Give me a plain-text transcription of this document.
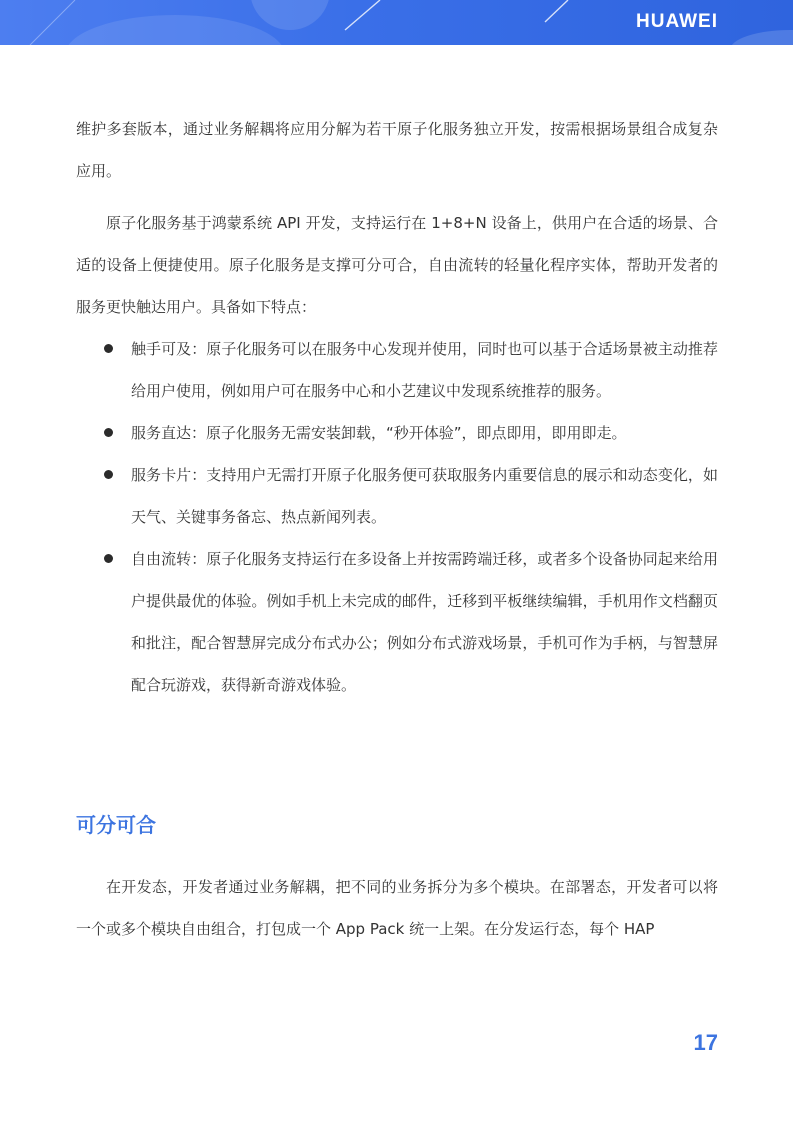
HUAWEI

维护多套版本，通过业务解耦将应用分解为若干原子化服务独立开发，按需根据场景组合成复杂应用。

原子化服务基于鸿蒙系统 API 开发，支持运行在 1+8+N 设备上，供用户在合适的场景、合适的设备上便捷使用。原子化服务是支撑可分可合，自由流转的轻量化程序实体，帮助开发者的服务更快触达用户。具备如下特点：

触手可及：原子化服务可以在服务中心发现并使用，同时也可以基于合适场景被主动推荐给用户使用，例如用户可在服务中心和小艺建议中发现系统推荐的服务。
服务直达：原子化服务无需安装卸载，“秒开体验”，即点即用，即用即走。
服务卡片：支持用户无需打开原子化服务便可获取服务内重要信息的展示和动态变化，如天气、关键事务备忘、热点新闻列表。
自由流转：原子化服务支持运行在多设备上并按需跨端迁移，或者多个设备协同起来给用户提供最优的体验。例如手机上未完成的邮件，迁移到平板继续编辑，手机用作文档翻页和批注，配合智慧屏完成分布式办公；例如分布式游戏场景，手机可作为手柄，与智慧屏配合玩游戏，获得新奇游戏体验。
可分可合

在开发态，开发者通过业务解耦，把不同的业务拆分为多个模块。在部署态，开发者可以将一个或多个模块自由组合，打包成一个 App Pack 统一上架。在分发运行态，每个 HAP

17
